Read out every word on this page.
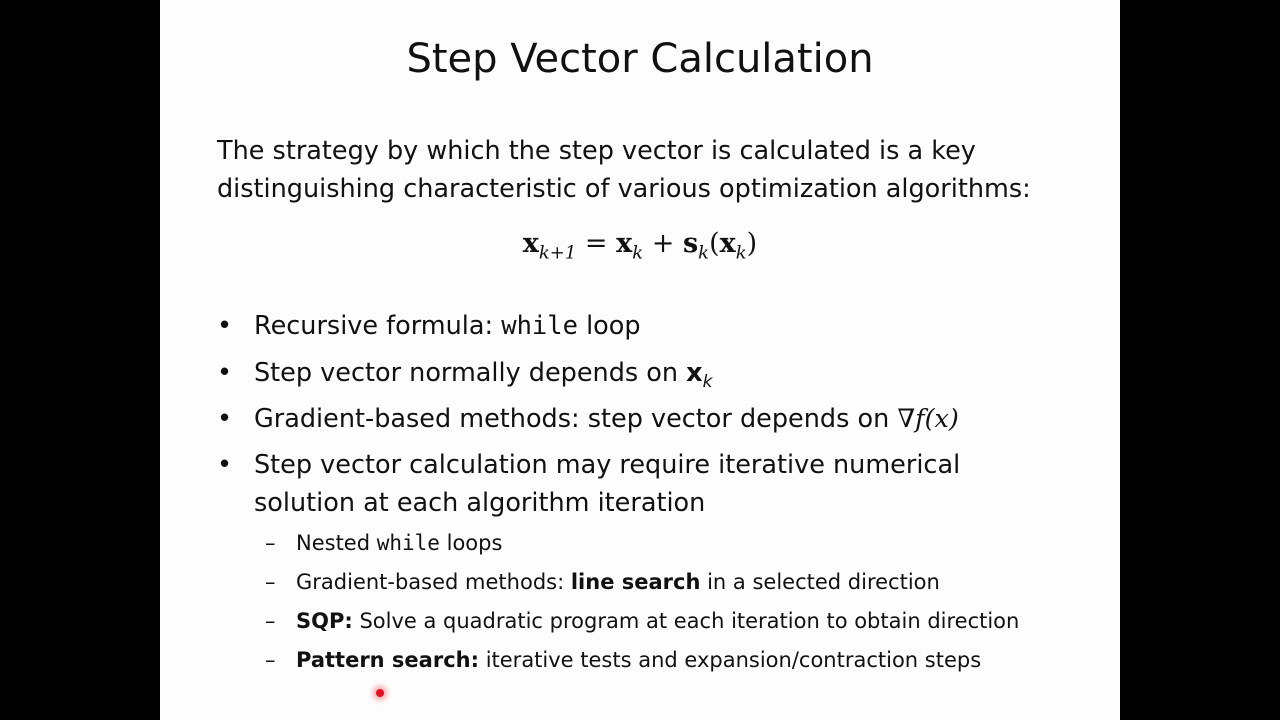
Step Vector Calculation
The strategy by which the step vector is calculated is a key distinguishing characteristic of various optimization algorithms:
$x_{k+1} = x_k + s_k(x_k)$
• Recursive formula: while loop
• Step vector normally depends on $x_k$
• Gradient-based methods: step vector depends on ∇f(x)
• Step vector calculation may require iterative numerical
solution at each algorithm iteration
– Nested while loops
– Gradient-based methods: line search in a selected direction
– SQP: Solve a quadratic program at each iteration to obtain direction
– Pattern search: iterative tests and expansion/contraction steps
